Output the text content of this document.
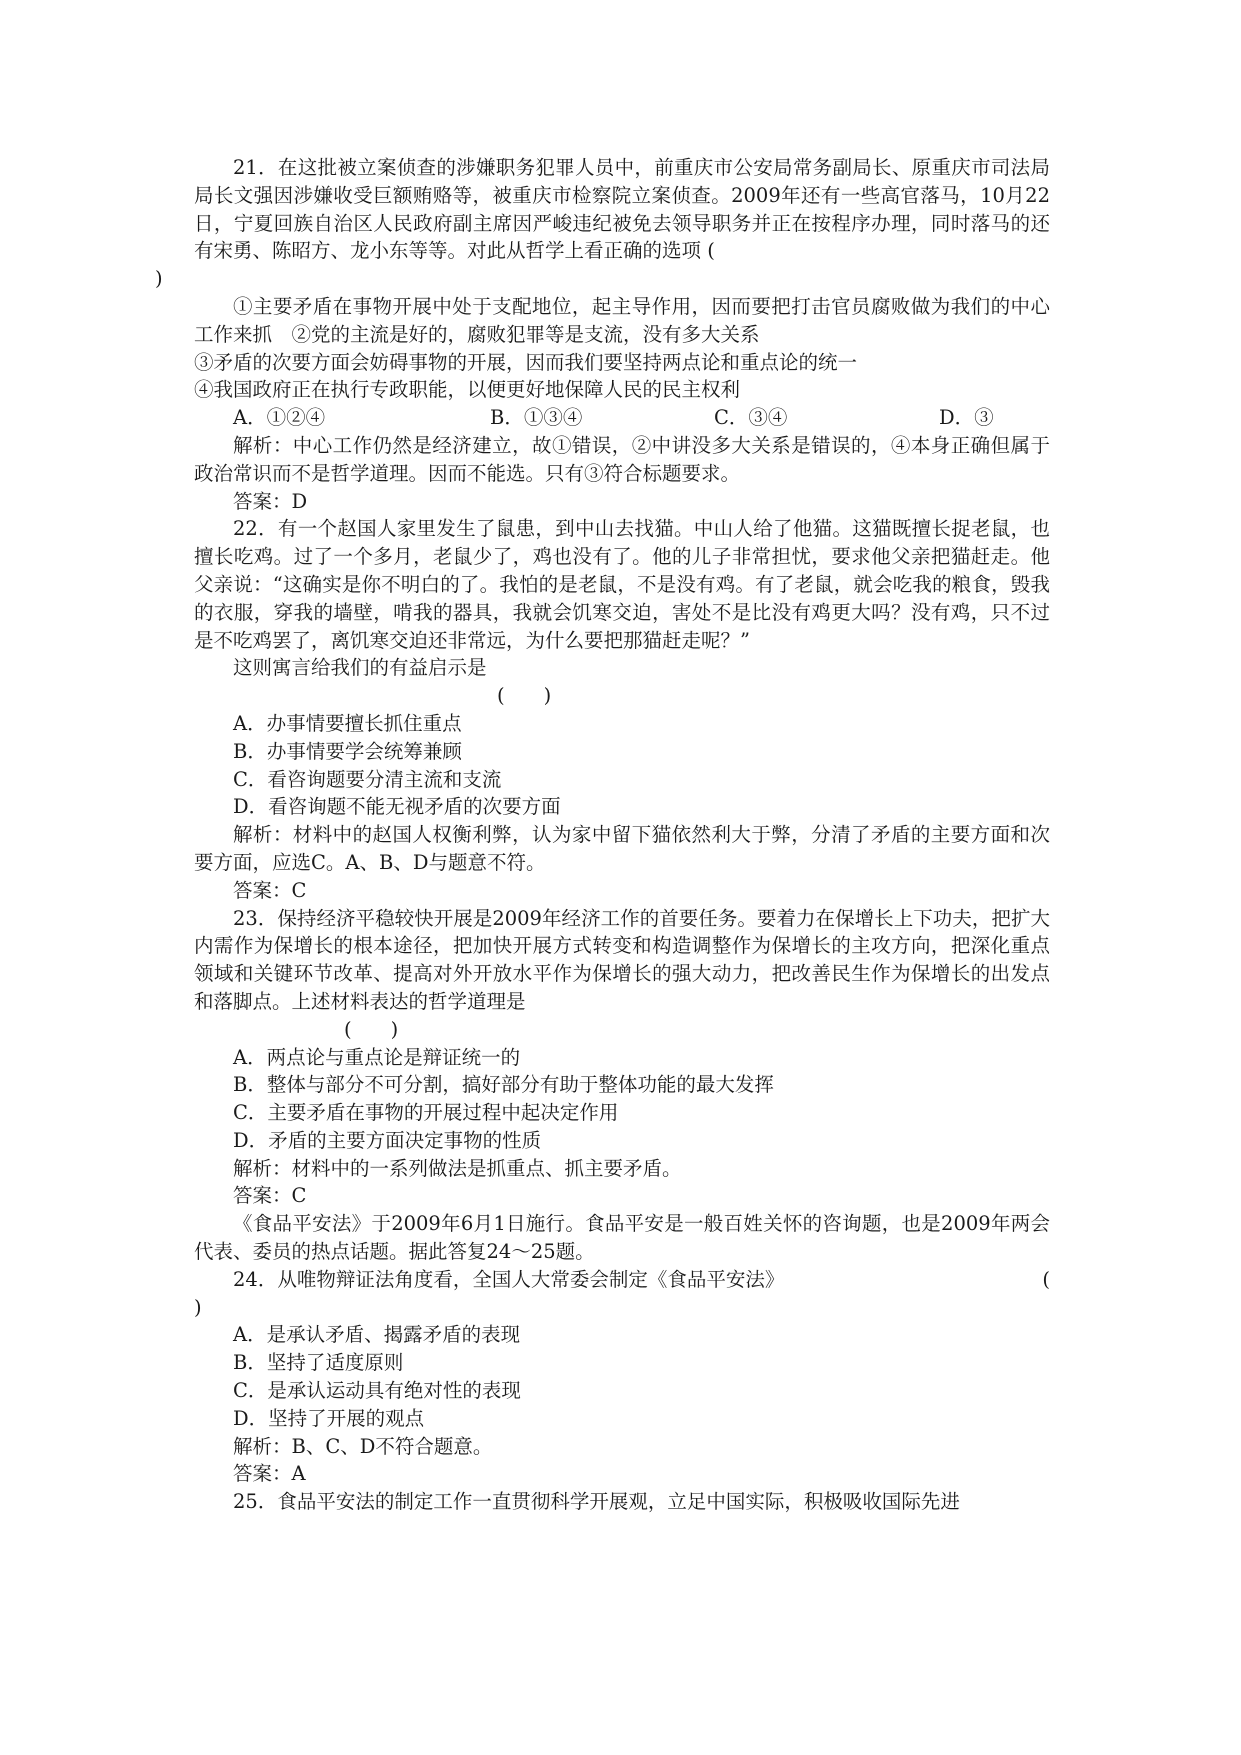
21．在这批被立案侦查的涉嫌职务犯罪人员中，前重庆市公安局常务副局长、原重庆市司法局局长文强因涉嫌收受巨额贿赂等，被重庆市检察院立案侦查。2009年还有一些高官落马，10月22日，宁夏回族自治区人民政府副主席因严峻违纪被免去领导职务并正在按程序办理，同时落马的还有宋勇、陈昭方、龙小东等等。对此从哲学上看正确的选项 (
)

①主要矛盾在事物开展中处于支配地位，起主导作用，因而要把打击官员腐败做为我们的中心工作来抓　②党的主流是好的，腐败犯罪等是支流，没有多大关系

③矛盾的次要方面会妨碍事物的开展，因而我们要坚持两点论和重点论的统一

④我国政府正在执行专政职能，以便更好地保障人民的民主权利

A．①②④	B．①③④	C．③④	D．③

解析：中心工作仍然是经济建立，故①错误，②中讲没多大关系是错误的，④本身正确但属于政治常识而不是哲学道理。因而不能选。只有③符合标题要求。

答案：D

22．有一个赵国人家里发生了鼠患，到中山去找猫。中山人给了他猫。这猫既擅长捉老鼠，也擅长吃鸡。过了一个多月，老鼠少了，鸡也没有了。他的儿子非常担忧，要求他父亲把猫赶走。他父亲说：“这确实是你不明白的了。我怕的是老鼠，不是没有鸡。有了老鼠，就会吃我的粮食，毁我的衣服，穿我的墙壁，啃我的器具，我就会饥寒交迫，害处不是比没有鸡更大吗？没有鸡，只不过是不吃鸡罢了，离饥寒交迫还非常远，为什么要把那猫赶走呢？”

这则寓言给我们的有益启示是

(　　)

A．办事情要擅长抓住重点

B．办事情要学会统筹兼顾

C．看咨询题要分清主流和支流

D．看咨询题不能无视矛盾的次要方面

解析：材料中的赵国人权衡利弊，认为家中留下猫依然利大于弊，分清了矛盾的主要方面和次要方面，应选C。A、B、D与题意不符。

答案：C

23．保持经济平稳较快开展是2009年经济工作的首要任务。要着力在保增长上下功夫，把扩大内需作为保增长的根本途径，把加快开展方式转变和构造调整作为保增长的主攻方向，把深化重点领域和关键环节改革、提高对外开放水平作为保增长的强大动力，把改善民生作为保增长的出发点和落脚点。上述材料表达的哲学道理是

(　　)

A．两点论与重点论是辩证统一的

B．整体与部分不可分割，搞好部分有助于整体功能的最大发挥

C．主要矛盾在事物的开展过程中起决定作用

D．矛盾的主要方面决定事物的性质

解析：材料中的一系列做法是抓重点、抓主要矛盾。

答案：C

《食品平安法》于2009年6月1日施行。食品平安是一般百姓关怀的咨询题，也是2009年两会代表、委员的热点话题。据此答复24～25题。

24．从唯物辩证法角度看，全国人大常委会制定《食品平安法》	(

)

A．是承认矛盾、揭露矛盾的表现

B．坚持了适度原则

C．是承认运动具有绝对性的表现

D．坚持了开展的观点

解析：B、C、D不符合题意。

答案：A

25．食品平安法的制定工作一直贯彻科学开展观，立足中国实际，积极吸收国际先进
